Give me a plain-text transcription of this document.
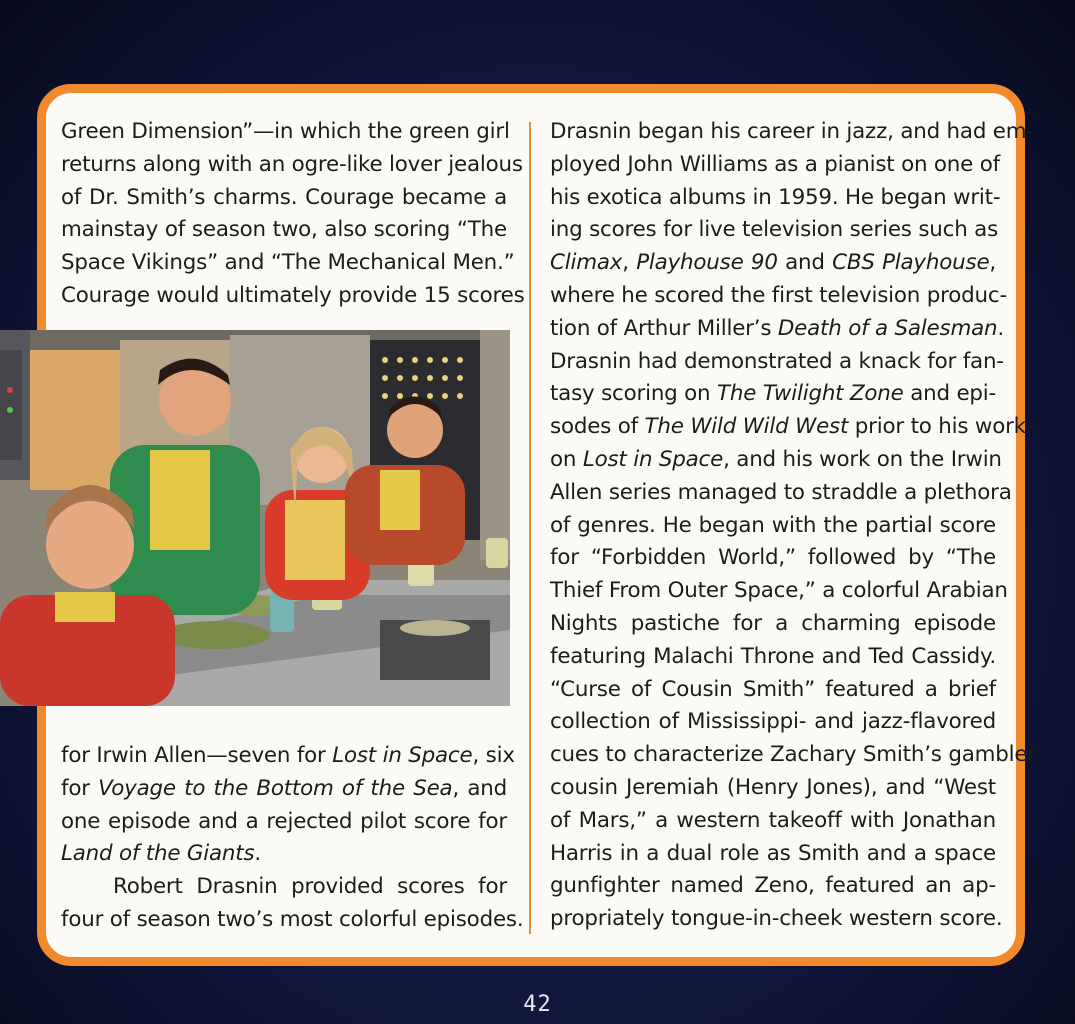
Green Dimension”—in which the green girl
returns along with an ogre-like lover jealous
of Dr. Smith’s charms. Courage became a
mainstay of season two, also scoring “The
Space Vikings” and “The Mechanical Men.”
Courage would ultimately provide 15 scores
for Irwin Allen—seven for Lost in Space, six
for Voyage to the Bottom of the Sea, and
one episode and a rejected pilot score for
Land of the Giants.
Robert Drasnin provided scores for
four of season two’s most colorful episodes.
Drasnin began his career in jazz, and had em-
ployed John Williams as a pianist on one of
his exotica albums in 1959. He began writ-
ing scores for live television series such as
Climax, Playhouse 90 and CBS Playhouse,
where he scored the first television produc-
tion of Arthur Miller’s Death of a Salesman.
Drasnin had demonstrated a knack for fan-
tasy scoring on The Twilight Zone and epi-
sodes of The Wild Wild West prior to his work
on Lost in Space, and his work on the Irwin
Allen series managed to straddle a plethora
of genres. He began with the partial score
for “Forbidden World,” followed by “The
Thief From Outer Space,” a colorful Arabian
Nights pastiche for a charming episode
featuring Malachi Throne and Ted Cassidy.
“Curse of Cousin Smith” featured a brief
collection of Mississippi- and jazz-flavored
cues to characterize Zachary Smith’s gambler
cousin Jeremiah (Henry Jones), and “West
of Mars,” a western takeoff with Jonathan
Harris in a dual role as Smith and a space
gunfighter named Zeno, featured an ap-
propriately tongue-in-cheek western score.
42
